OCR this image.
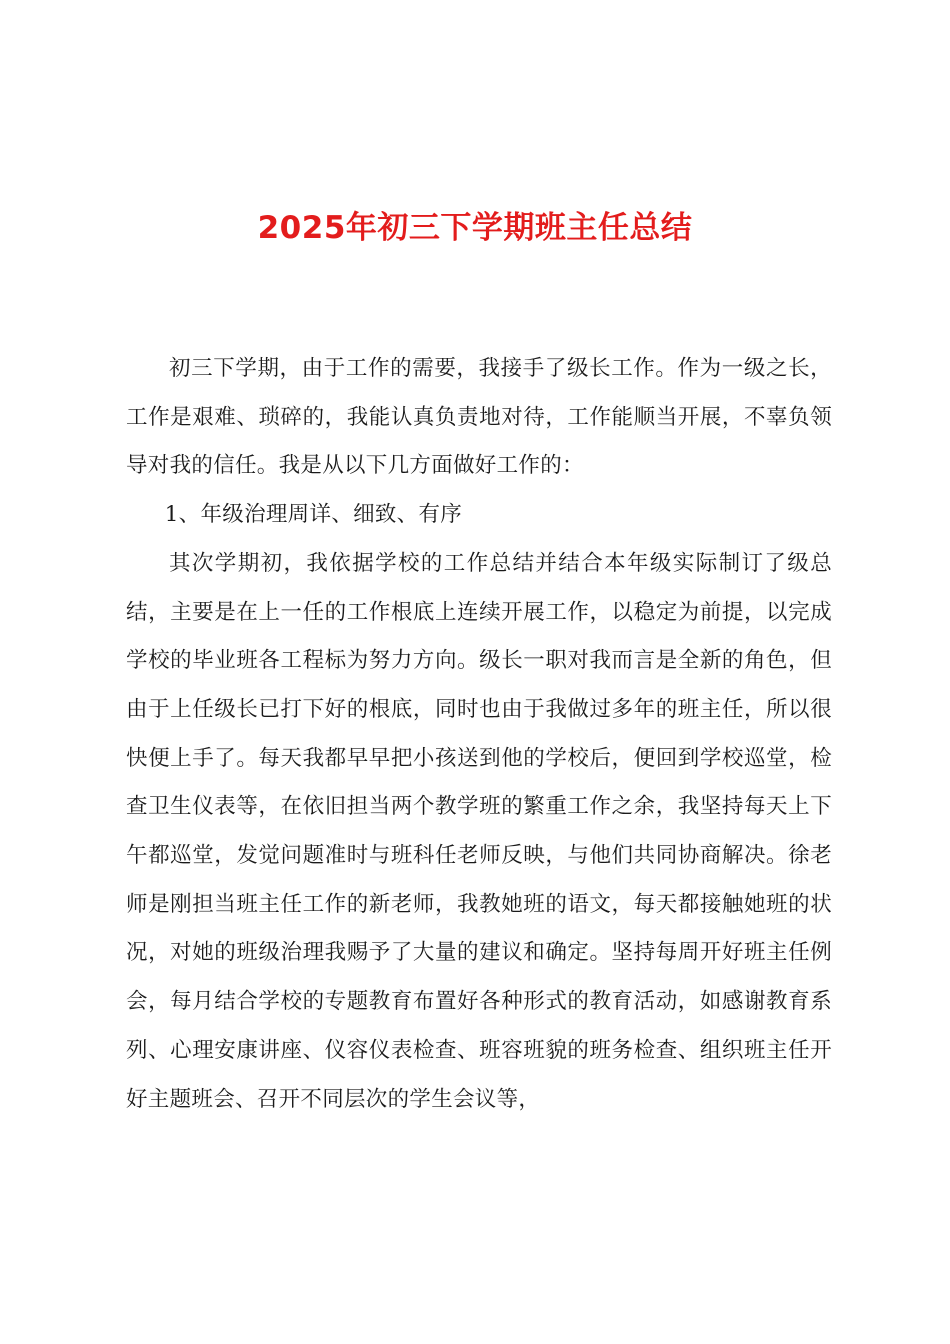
2025年初三下学期班主任总结

初三下学期，由于工作的需要，我接手了级长工作。作为一级之长，工作是艰难、琐碎的，我能认真负责地对待，工作能顺当开展，不辜负领导对我的信任。我是从以下几方面做好工作的：

1、年级治理周详、细致、有序

其次学期初，我依据学校的工作总结并结合本年级实际制订了级总结，主要是在上一任的工作根底上连续开展工作，以稳定为前提，以完成学校的毕业班各工程标为努力方向。级长一职对我而言是全新的角色，但由于上任级长已打下好的根底，同时也由于我做过多年的班主任，所以很快便上手了。每天我都早早把小孩送到他的学校后，便回到学校巡堂，检查卫生仪表等，在依旧担当两个教学班的繁重工作之余，我坚持每天上下午都巡堂，发觉问题准时与班科任老师反映，与他们共同协商解决。徐老师是刚担当班主任工作的新老师，我教她班的语文，每天都接触她班的状况，对她的班级治理我赐予了大量的建议和确定。坚持每周开好班主任例会，每月结合学校的专题教育布置好各种形式的教育活动，如感谢教育系列、心理安康讲座、仪容仪表检查、班容班貌的班务检查、组织班主任开好主题班会、召开不同层次的学生会议等，
